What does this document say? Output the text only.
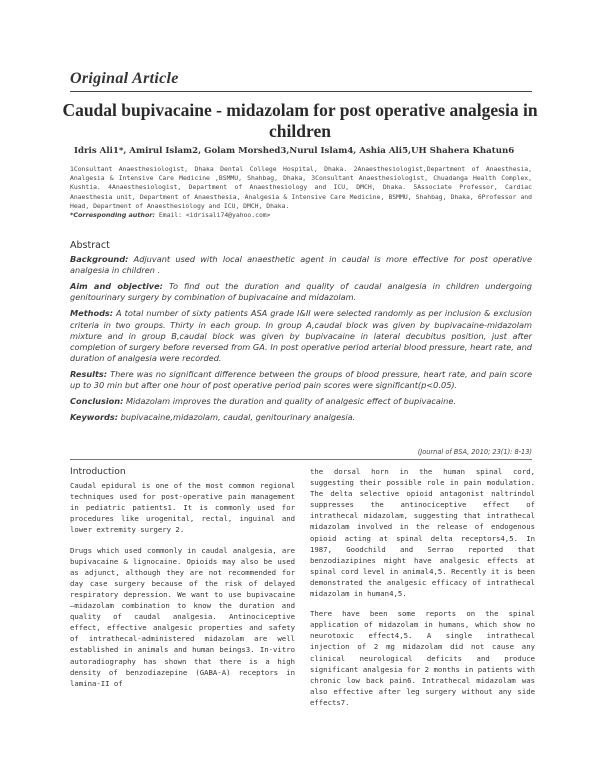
Original Article
Caudal bupivacaine - midazolam for post operative analgesia in children
Idris Ali1*, Amirul Islam2, Golam Morshed3,Nurul Islam4, Ashia Ali5,UH Shahera Khatun6
1Consultant Anaesthesiologist, Dhaka Dental College Hospital, Dhaka. 2Anaesthesiologist,Department of Anaesthesia, Analgesia & Intensive Care Medicine ,BSMMU, Shahbag, Dhaka, 3Consultant Anaesthesiologist, Chuadanga Health Complex, Kushtia. 4Anaesthesiologist, Department of Anaesthesiology and ICU, DMCH, Dhaka. 5Associate Professor, Cardiac Anaesthesia unit, Department of Anaesthesia, Analgesia & Intensive Care Medicine, BSMMU, Shahbag, Dhaka, 6Professor and Head, Department of Anaesthesiology and ICU, DMCH, Dhaka.
*Corresponding author: Email: <idrisali74@yahoo.com>
Abstract
Background: Adjuvant used with local anaesthetic agent in caudal is more effective for post operative analgesia in children .
Aim and objective: To find out the duration and quality of caudal analgesia in children undergoing genitourinary surgery by combination of bupivacaine and midazolam.
Methods: A total number of sixty patients ASA grade I&II were selected randomly as per inclusion & exclusion criteria in two groups. Thirty in each group. In group A,caudal block was given by bupivacaine-midazolam mixture and in group B,caudal block was given by bupivacaine in lateral decubitus position, just after completion of surgery before reversed from GA. In post operative period arterial blood pressure, heart rate, and duration of analgesia were recorded.
Results: There was no significant difference between the groups of blood pressure, heart rate, and pain score up to 30 min but after one hour of post operative period pain scores were significant(p<0.05).
Conclusion: Midazolam improves the duration and quality of analgesic effect of bupivacaine.
Keywords: bupivacaine,midazolam, caudal, genitourinary analgesia.
(Journal of BSA, 2010; 23(1): 8-13)
Introduction

Caudal epidural is one of the most common regional techniques used for post-operative pain management in pediatric patients1. It is commonly used for procedures like urogenital, rectal, inguinal and lower extremity surgery 2.

Drugs which used commonly in caudal analgesia, are bupivacaine & lignocaine. Opioids may also be used as adjunct, although they are not recommended for day case surgery because of the risk of delayed respiratory depression. We want to use bupivacaine –midazolam combination to know the duration and quality of caudal analgesia. Antinociceptive effect, effective analgesic properties and safety of intrathecal-administered midazolam are well established in animals and human beings3. In-vitro autoradiography has shown that there is a high density of benzodiazepine (GABA-A) receptors in lamina-II of

the dorsal horn in the human spinal cord, suggesting their possible role in pain modulation. The delta selective opioid antagonist naltrindol suppresses the antinociceptive effect of intrathecal midazolam, suggesting that intrathecal midazolam involved in the release of endogenous opioid acting at spinal delta receptors4,5. In 1987, Goodchild and Serrao reported that benzodiazipines might have analgesic effects at spinal cord level in animal4,5. Recently it is been demonstrated the analgesic efficacy of intrathecal midazolam in human4,5.

There have been some reports on the spinal application of midazolam in humans, which show no neurotoxic effect4,5. A single intrathecal injection of 2 mg midazolam did not cause any clinical neurological deficits and produce significant analgesia for 2 months in patients with chronic low back pain6. Intrathecal midazolam was also effective after leg surgery without any side effects7.
